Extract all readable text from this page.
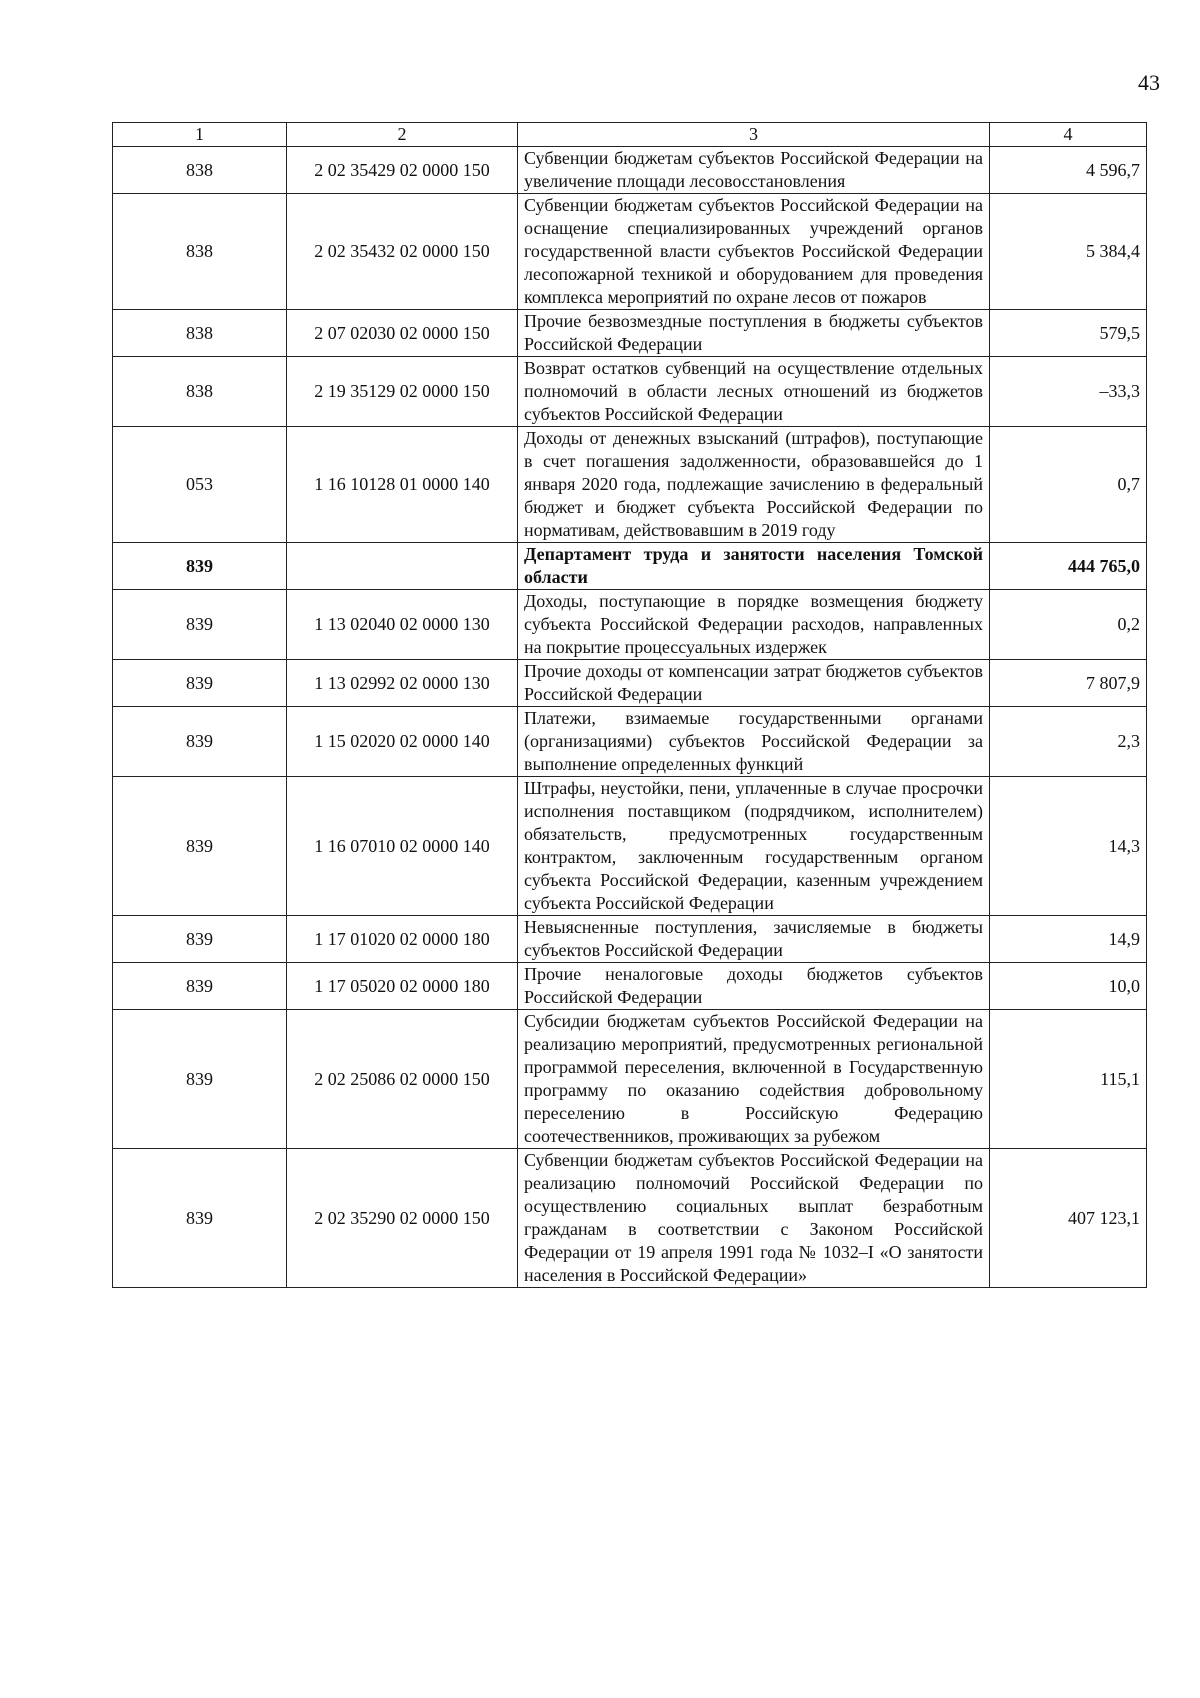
43
1	2	3	4
838	2 02 35429 02 0000 150	Субвенции бюджетам субъектов Российской Федерации на увеличение площади лесовосстановления	4 596,7
838	2 02 35432 02 0000 150	Субвенции бюджетам субъектов Российской Федерации на оснащение специализированных учреждений органов государственной власти субъектов Российской Федерации лесопожарной техникой и оборудованием для проведения комплекса мероприятий по охране лесов от пожаров	5 384,4
838	2 07 02030 02 0000 150	Прочие безвозмездные поступления в бюджеты субъектов Российской Федерации	579,5
838	2 19 35129 02 0000 150	Возврат остатков субвенций на осуществление отдельных полномочий в области лесных отношений из бюджетов субъектов Российской Федерации	–33,3
053	1 16 10128 01 0000 140	Доходы от денежных взысканий (штрафов), поступающие в счет погашения задолженности, образовавшейся до 1 января 2020 года, подлежащие зачислению в федеральный бюджет и бюджет субъекта Российской Федерации по нормативам, действовавшим в 2019 году	0,7
839		Департамент труда и занятости населения Томской области	444 765,0
839	1 13 02040 02 0000 130	Доходы, поступающие в порядке возмещения бюджету субъекта Российской Федерации расходов, направленных на покрытие процессуальных издержек	0,2
839	1 13 02992 02 0000 130	Прочие доходы от компенсации затрат бюджетов субъектов Российской Федерации	7 807,9
839	1 15 02020 02 0000 140	Платежи, взимаемые государственными органами (организациями) субъектов Российской Федерации за выполнение определенных функций	2,3
839	1 16 07010 02 0000 140	Штрафы, неустойки, пени, уплаченные в случае просрочки исполнения поставщиком (подрядчиком, исполнителем) обязательств, предусмотренных государственным контрактом, заключенным государственным органом субъекта Российской Федерации, казенным учреждением субъекта Российской Федерации	14,3
839	1 17 01020 02 0000 180	Невыясненные поступления, зачисляемые в бюджеты субъектов Российской Федерации	14,9
839	1 17 05020 02 0000 180	Прочие неналоговые доходы бюджетов субъектов Российской Федерации	10,0
839	2 02 25086 02 0000 150	Субсидии бюджетам субъектов Российской Федерации на реализацию мероприятий, предусмотренных региональной программой переселения, включенной в Государственную программу по оказанию содействия добровольному переселению в Российскую Федерацию соотечественников, проживающих за рубежом	115,1
839	2 02 35290 02 0000 150	Субвенции бюджетам субъектов Российской Федерации на реализацию полномочий Российской Федерации по осуществлению социальных выплат безработным гражданам в соответствии с Законом Российской Федерации от 19 апреля 1991 года № 1032–I «О занятости населения в Российской Федерации»	407 123,1
